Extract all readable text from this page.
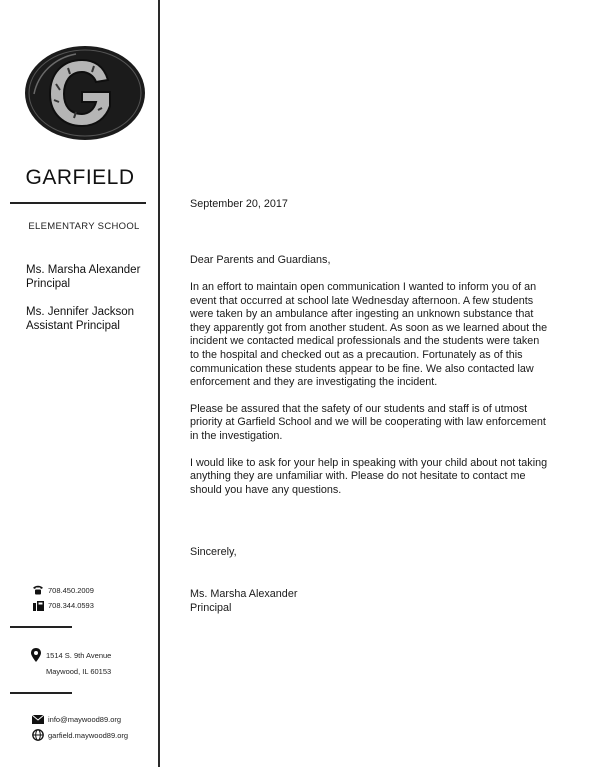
GARFIELD
ELEMENTARY SCHOOL
Ms. Marsha Alexander
Principal
Ms. Jennifer Jackson
Assistant Principal
708.450.2009
708.344.0593
1514 S. 9th Avenue
Maywood, IL 60153
info@maywood89.org
garfield.maywood89.org
September 20, 2017
Dear Parents and Guardians,

In an effort to maintain open communication I wanted to inform you of an event that occurred at school late Wednesday afternoon. A few students were taken by an ambulance after ingesting an unknown substance that they apparently got from another student. As soon as we learned about the incident we contacted medical professionals and the students were taken to the hospital and checked out as a precaution. Fortunately as of this communication these students appear to be fine. We also contacted law enforcement and they are investigating the incident.

Please be assured that the safety of our students and staff is of utmost priority at Garfield School and we will be cooperating with law enforcement in the investigation.

I would like to ask for your help in speaking with your child about not taking anything they are unfamiliar with. Please do not hesitate to contact me should you have any questions.

Sincerely,
Ms. Marsha Alexander
Principal
